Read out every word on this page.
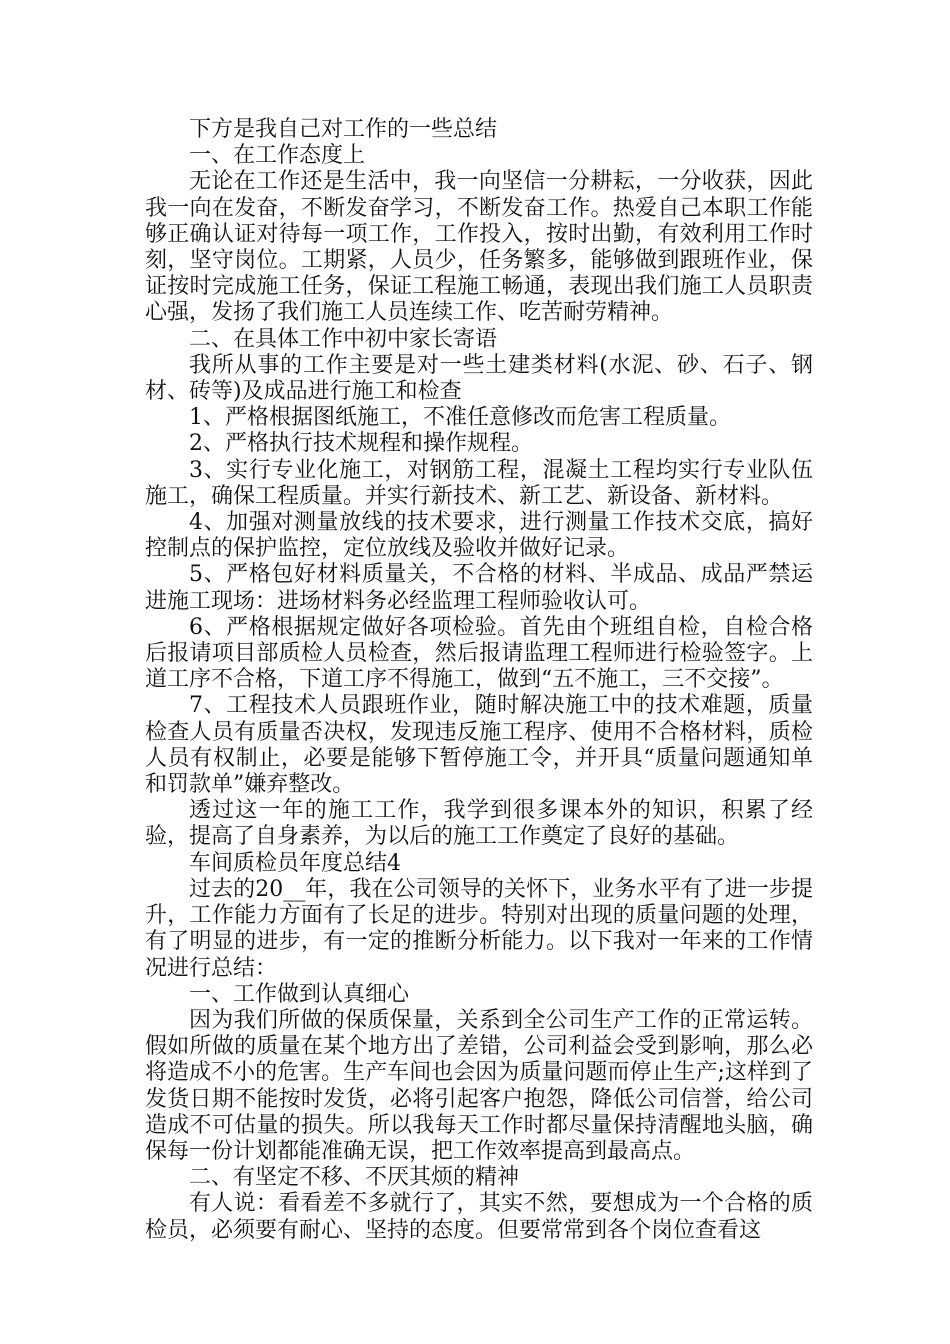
下方是我自己对工作的一些总结

一、在工作态度上

无论在工作还是生活中，我一向坚信一分耕耘，一分收获，因此我一向在发奋，不断发奋学习，不断发奋工作。热爱自己本职工作能够正确认证对待每一项工作，工作投入，按时出勤，有效利用工作时刻，坚守岗位。工期紧，人员少，任务繁多，能够做到跟班作业，保证按时完成施工任务，保证工程施工畅通，表现出我们施工人员职责心强，发扬了我们施工人员连续工作、吃苦耐劳精神。

二、在具体工作中初中家长寄语

我所从事的工作主要是对一些土建类材料(水泥、砂、石子、钢材、砖等)及成品进行施工和检查

1、严格根据图纸施工，不准任意修改而危害工程质量。

2、严格执行技术规程和操作规程。

3、实行专业化施工，对钢筋工程，混凝土工程均实行专业队伍施工，确保工程质量。并实行新技术、新工艺、新设备、新材料。

4、加强对测量放线的技术要求，进行测量工作技术交底，搞好控制点的保护监控，定位放线及验收并做好记录。

5、严格包好材料质量关，不合格的材料、半成品、成品严禁运进施工现场：进场材料务必经监理工程师验收认可。

6、严格根据规定做好各项检验。首先由个班组自检，自检合格后报请项目部质检人员检查，然后报请监理工程师进行检验签字。上道工序不合格，下道工序不得施工，做到“五不施工，三不交接”。

7、工程技术人员跟班作业，随时解决施工中的技术难题，质量检查人员有质量否决权，发现违反施工程序、使用不合格材料，质检人员有权制止，必要是能够下暂停施工令，并开具“质量问题通知单和罚款单”嫌弃整改。

透过这一年的施工工作，我学到很多课本外的知识，积累了经验，提高了自身素养，为以后的施工工作奠定了良好的基础。

车间质检员年度总结4

过去的20__年，我在公司领导的关怀下，业务水平有了进一步提升，工作能力方面有了长足的进步。特别对出现的质量问题的处理，有了明显的进步，有一定的推断分析能力。以下我对一年来的工作情况进行总结：

一、工作做到认真细心

因为我们所做的保质保量，关系到全公司生产工作的正常运转。假如所做的质量在某个地方出了差错，公司利益会受到影响，那么必将造成不小的危害。生产车间也会因为质量问题而停止生产;这样到了发货日期不能按时发货，必将引起客户抱怨，降低公司信誉，给公司造成不可估量的损失。所以我每天工作时都尽量保持清醒地头脑，确保每一份计划都能准确无误，把工作效率提高到最高点。

二、有坚定不移、不厌其烦的精神

有人说：看看差不多就行了，其实不然，要想成为一个合格的质检员，必须要有耐心、坚持的态度。但要常常到各个岗位查看这
